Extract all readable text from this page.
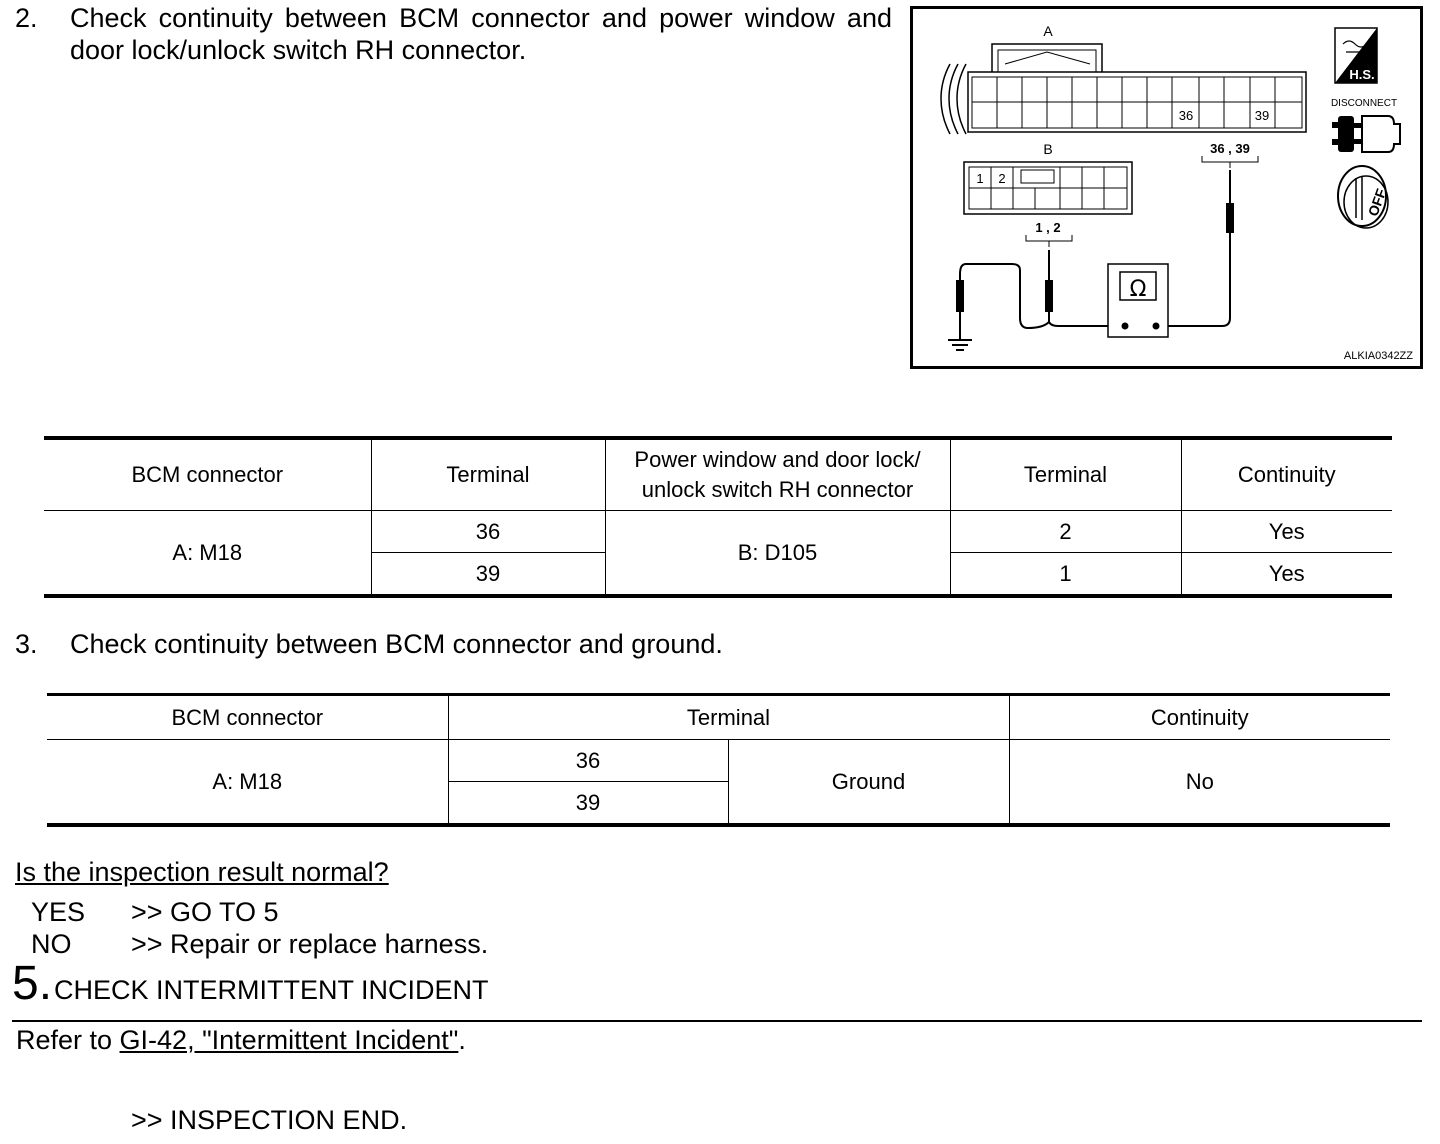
2. Check continuity between BCM connector and power window and door lock/unlock switch RH connector.
A
36	39
B
1 2
36 , 39
1 , 2
Ω
H.S.
DISCONNECT
OFF
ALKIA0342ZZ
BCM connector	Terminal	Power window and door lock/ unlock switch RH connector	Terminal	Continuity
A: M18	36	B: D105	2	Yes
	39		1	Yes
3. Check continuity between BCM connector and ground.
BCM connector	Terminal		Continuity
A: M18	36	Ground	No
	39		
Is the inspection result normal?
YES >> GO TO 5
NO >> Repair or replace harness.
5. CHECK INTERMITTENT INCIDENT
Refer to GI-42, "Intermittent Incident".
>> INSPECTION END.
